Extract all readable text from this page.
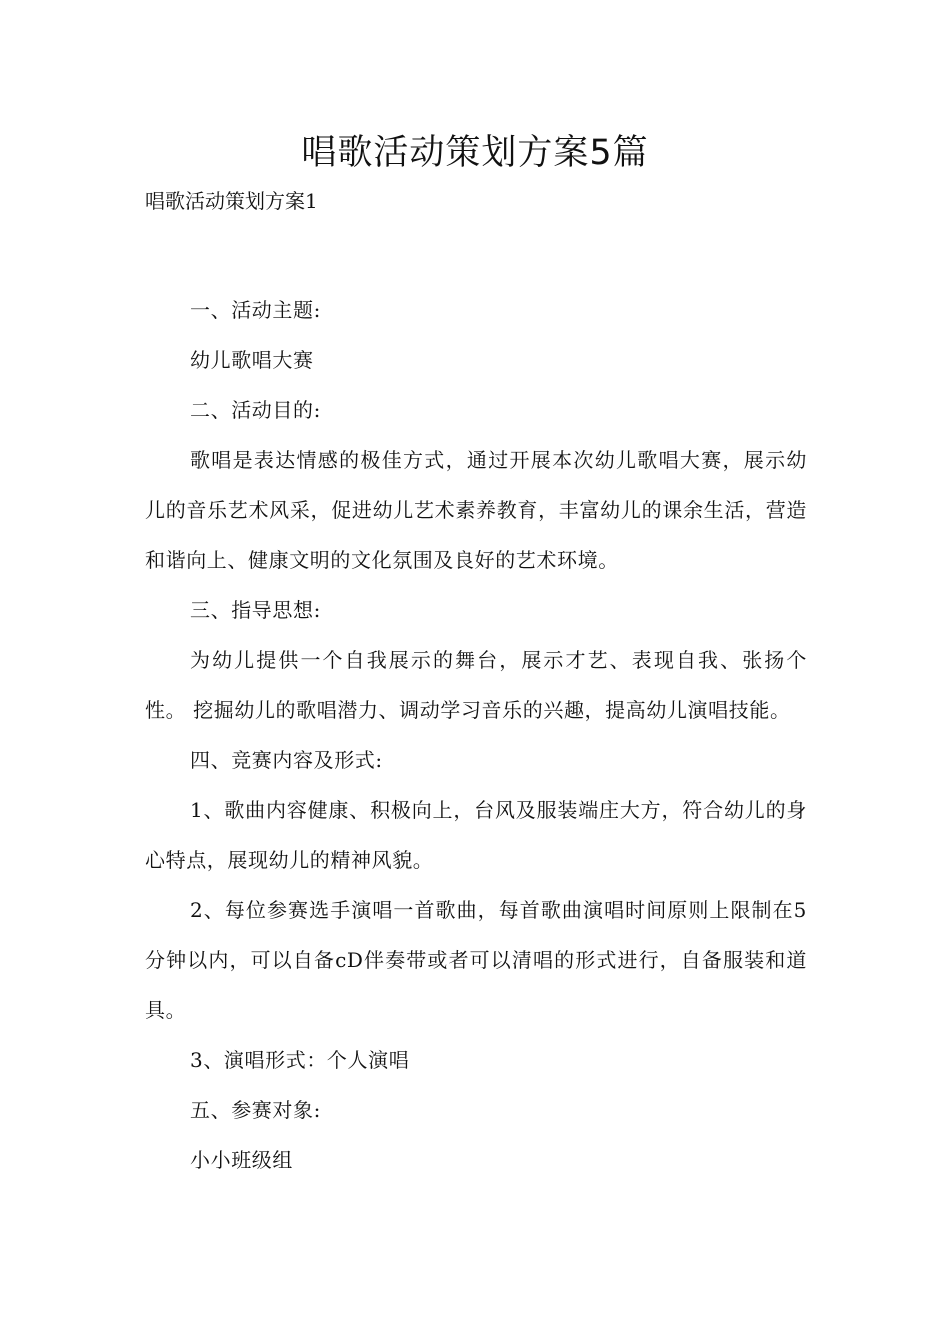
唱歌活动策划方案5篇

唱歌活动策划方案1

一、活动主题:

幼儿歌唱大赛

二、活动目的:

歌唱是表达情感的极佳方式，通过开展本次幼儿歌唱大赛，展示幼儿的音乐艺术风采，促进幼儿艺术素养教育，丰富幼儿的课余生活，营造和谐向上、健康文明的文化氛围及良好的艺术环境。

三、指导思想:

为幼儿提供一个自我展示的舞台，展示才艺、表现自我、张扬个性。 挖掘幼儿的歌唱潜力、调动学习音乐的兴趣，提高幼儿演唱技能。

四、竞赛内容及形式:

1、歌曲内容健康、积极向上，台风及服装端庄大方，符合幼儿的身心特点，展现幼儿的精神风貌。

2、每位参赛选手演唱一首歌曲，每首歌曲演唱时间原则上限制在5分钟以内，可以自备cD伴奏带或者可以清唱的形式进行，自备服装和道具。

3、演唱形式：个人演唱

五、参赛对象:

小小班级组
